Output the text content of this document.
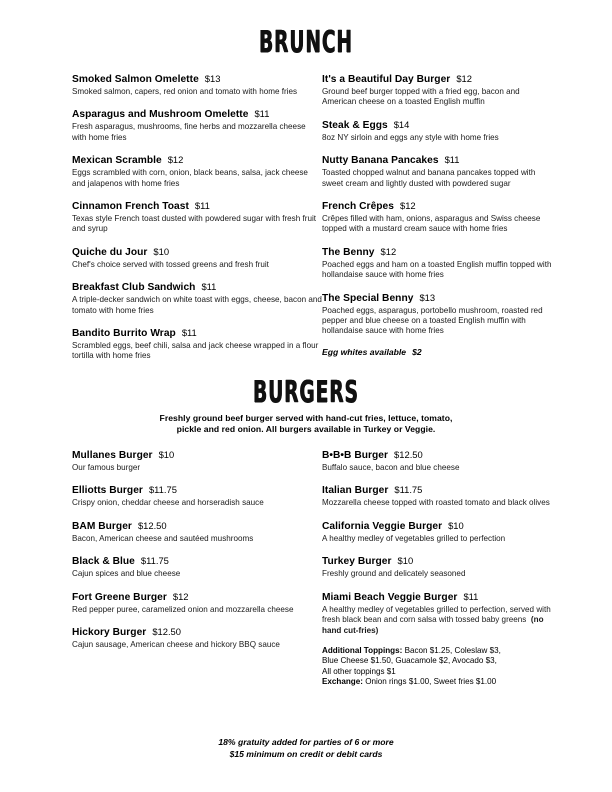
BRUNCH
Smoked Salmon Omelette $13
Smoked salmon, capers, red onion and tomato with home fries
Asparagus and Mushroom Omelette $11
Fresh asparagus, mushrooms, fine herbs and mozzarella cheese with home fries
Mexican Scramble $12
Eggs scrambled with corn, onion, black beans, salsa, jack cheese and jalapenos with home fries
Cinnamon French Toast $11
Texas style French toast dusted with powdered sugar with fresh fruit and syrup
Quiche du Jour $10
Chef's choice served with tossed greens and fresh fruit
Breakfast Club Sandwich $11
A triple-decker sandwich on white toast with eggs, cheese, bacon and tomato with home fries
Bandito Burrito Wrap $11
Scrambled eggs, beef chili, salsa and jack cheese wrapped in a flour tortilla with home fries
It's a Beautiful Day Burger $12
Ground beef burger topped with a fried egg, bacon and American cheese on a toasted English muffin
Steak & Eggs $14
8oz NY sirloin and eggs any style with home fries
Nutty Banana Pancakes $11
Toasted chopped walnut and banana pancakes topped with sweet cream and lightly dusted with powdered sugar
French Crêpes $12
Crêpes filled with ham, onions, asparagus and Swiss cheese topped with a mustard cream sauce with home fries
The Benny $12
Poached eggs and ham on a toasted English muffin topped with hollandaise sauce with home fries
The Special Benny $13
Poached eggs, asparagus, portobello mushroom, roasted red pepper and blue cheese on a toasted English muffin with hollandaise sauce with home fries
Egg whites available $2
BURGERS
Freshly ground beef burger served with hand-cut fries, lettuce, tomato,
pickle and red onion. All burgers available in Turkey or Veggie.
Mullanes Burger $10
Our famous burger
Elliotts Burger $11.75
Crispy onion, cheddar cheese and horseradish sauce
BAM Burger $12.50
Bacon, American cheese and sautéed mushrooms
Black & Blue $11.75
Cajun spices and blue cheese
Fort Greene Burger $12
Red pepper puree, caramelized onion and mozzarella cheese
Hickory Burger $12.50
Cajun sausage, American cheese and hickory BBQ sauce
B•B•B Burger $12.50
Buffalo sauce, bacon and blue cheese
Italian Burger $11.75
Mozzarella cheese topped with roasted tomato and black olives
California Veggie Burger $10
A healthy medley of vegetables grilled to perfection
Turkey Burger $10
Freshly ground and delicately seasoned
Miami Beach Veggie Burger $11
A healthy medley of vegetables grilled to perfection, served with fresh black bean and corn salsa with tossed baby greens (no hand cut-fries)
Additional Toppings: Bacon $1.25, Coleslaw $3,
Blue Cheese $1.50, Guacamole $2, Avocado $3,
All other toppings $1
Exchange: Onion rings $1.00, Sweet fries $1.00
18% gratuity added for parties of 6 or more
$15 minimum on credit or debit cards
